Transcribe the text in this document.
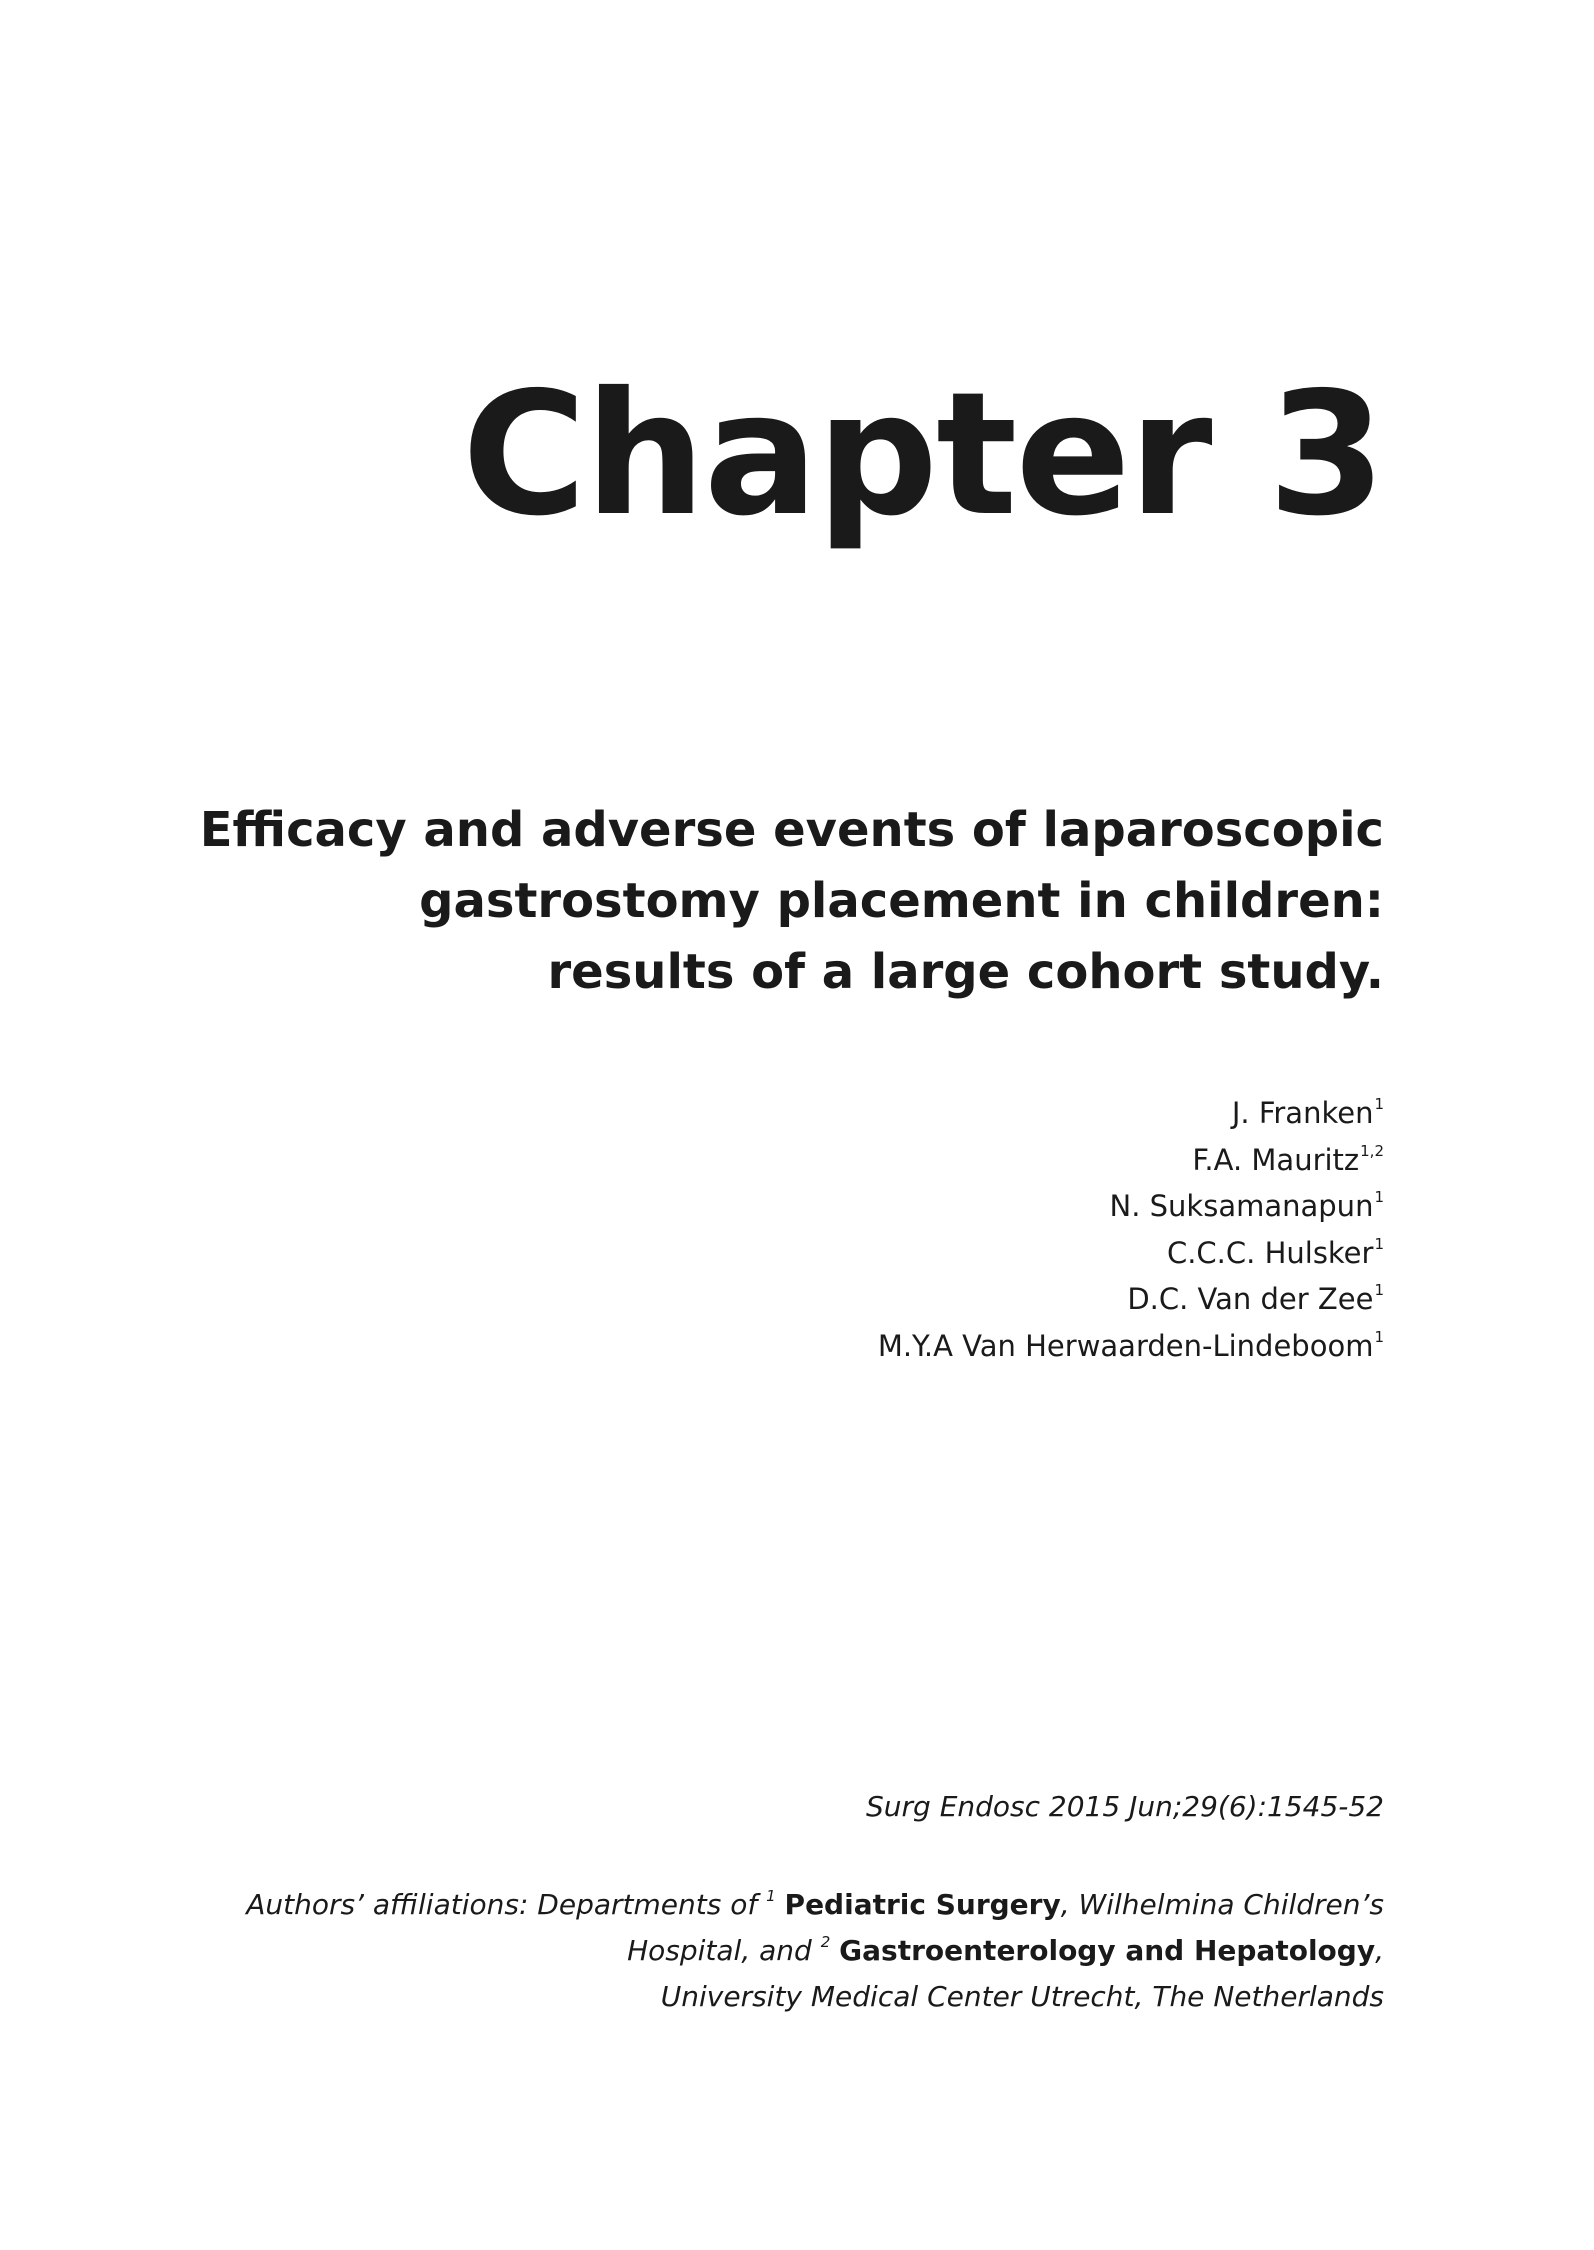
Chapter 3
Efficacy and adverse events of laparoscopic
gastrostomy placement in children:
results of a large cohort study.
J. Franken$^1$
F.A. Mauritz$^{1,2}$
N. Suksamanapun$^1$
C.C.C. Hulsker$^1$
D.C. Van der Zee$^1$
M.Y.A Van Herwaarden-Lindeboom$^1$
Surg Endosc 2015 Jun;29(6):1545-52
Authors’ affiliations: Departments of $^1$ Pediatric Surgery, Wilhelmina Children’s
Hospital, and $^2$ Gastroenterology and Hepatology,
University Medical Center Utrecht, The Netherlands
